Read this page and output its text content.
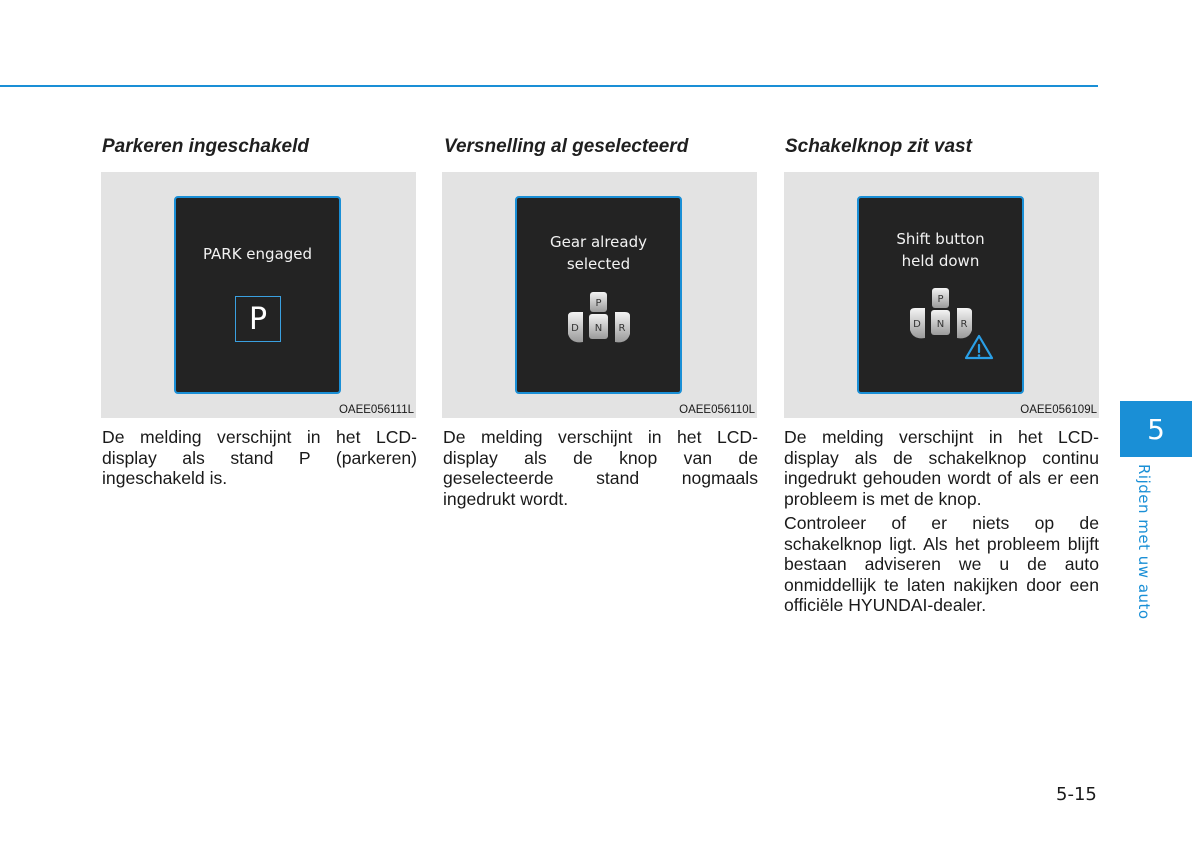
Parkeren ingeschakeld
PARK engaged
P
OAEE056111L

De melding verschijnt in het LCD-display als stand P (parkeren) ingeschakeld is.

Versnelling al geselecteerd
Gear already
selected
P
D N R
OAEE056110L

De melding verschijnt in het LCD-display als de knop van de geselecteerde stand nogmaals ingedrukt wordt.

Schakelknop zit vast
Shift button
held down
P
D N R
OAEE056109L

De melding verschijnt in het LCD-display als de schakelknop continu ingedrukt gehouden wordt of als er een probleem is met de knop.

Controleer of er niets op de schakelknop ligt. Als het probleem blijft bestaan adviseren we u de auto onmiddellijk te laten nakijken door een officiële HYUNDAI-dealer.

5
Rijden met uw auto
5-15
